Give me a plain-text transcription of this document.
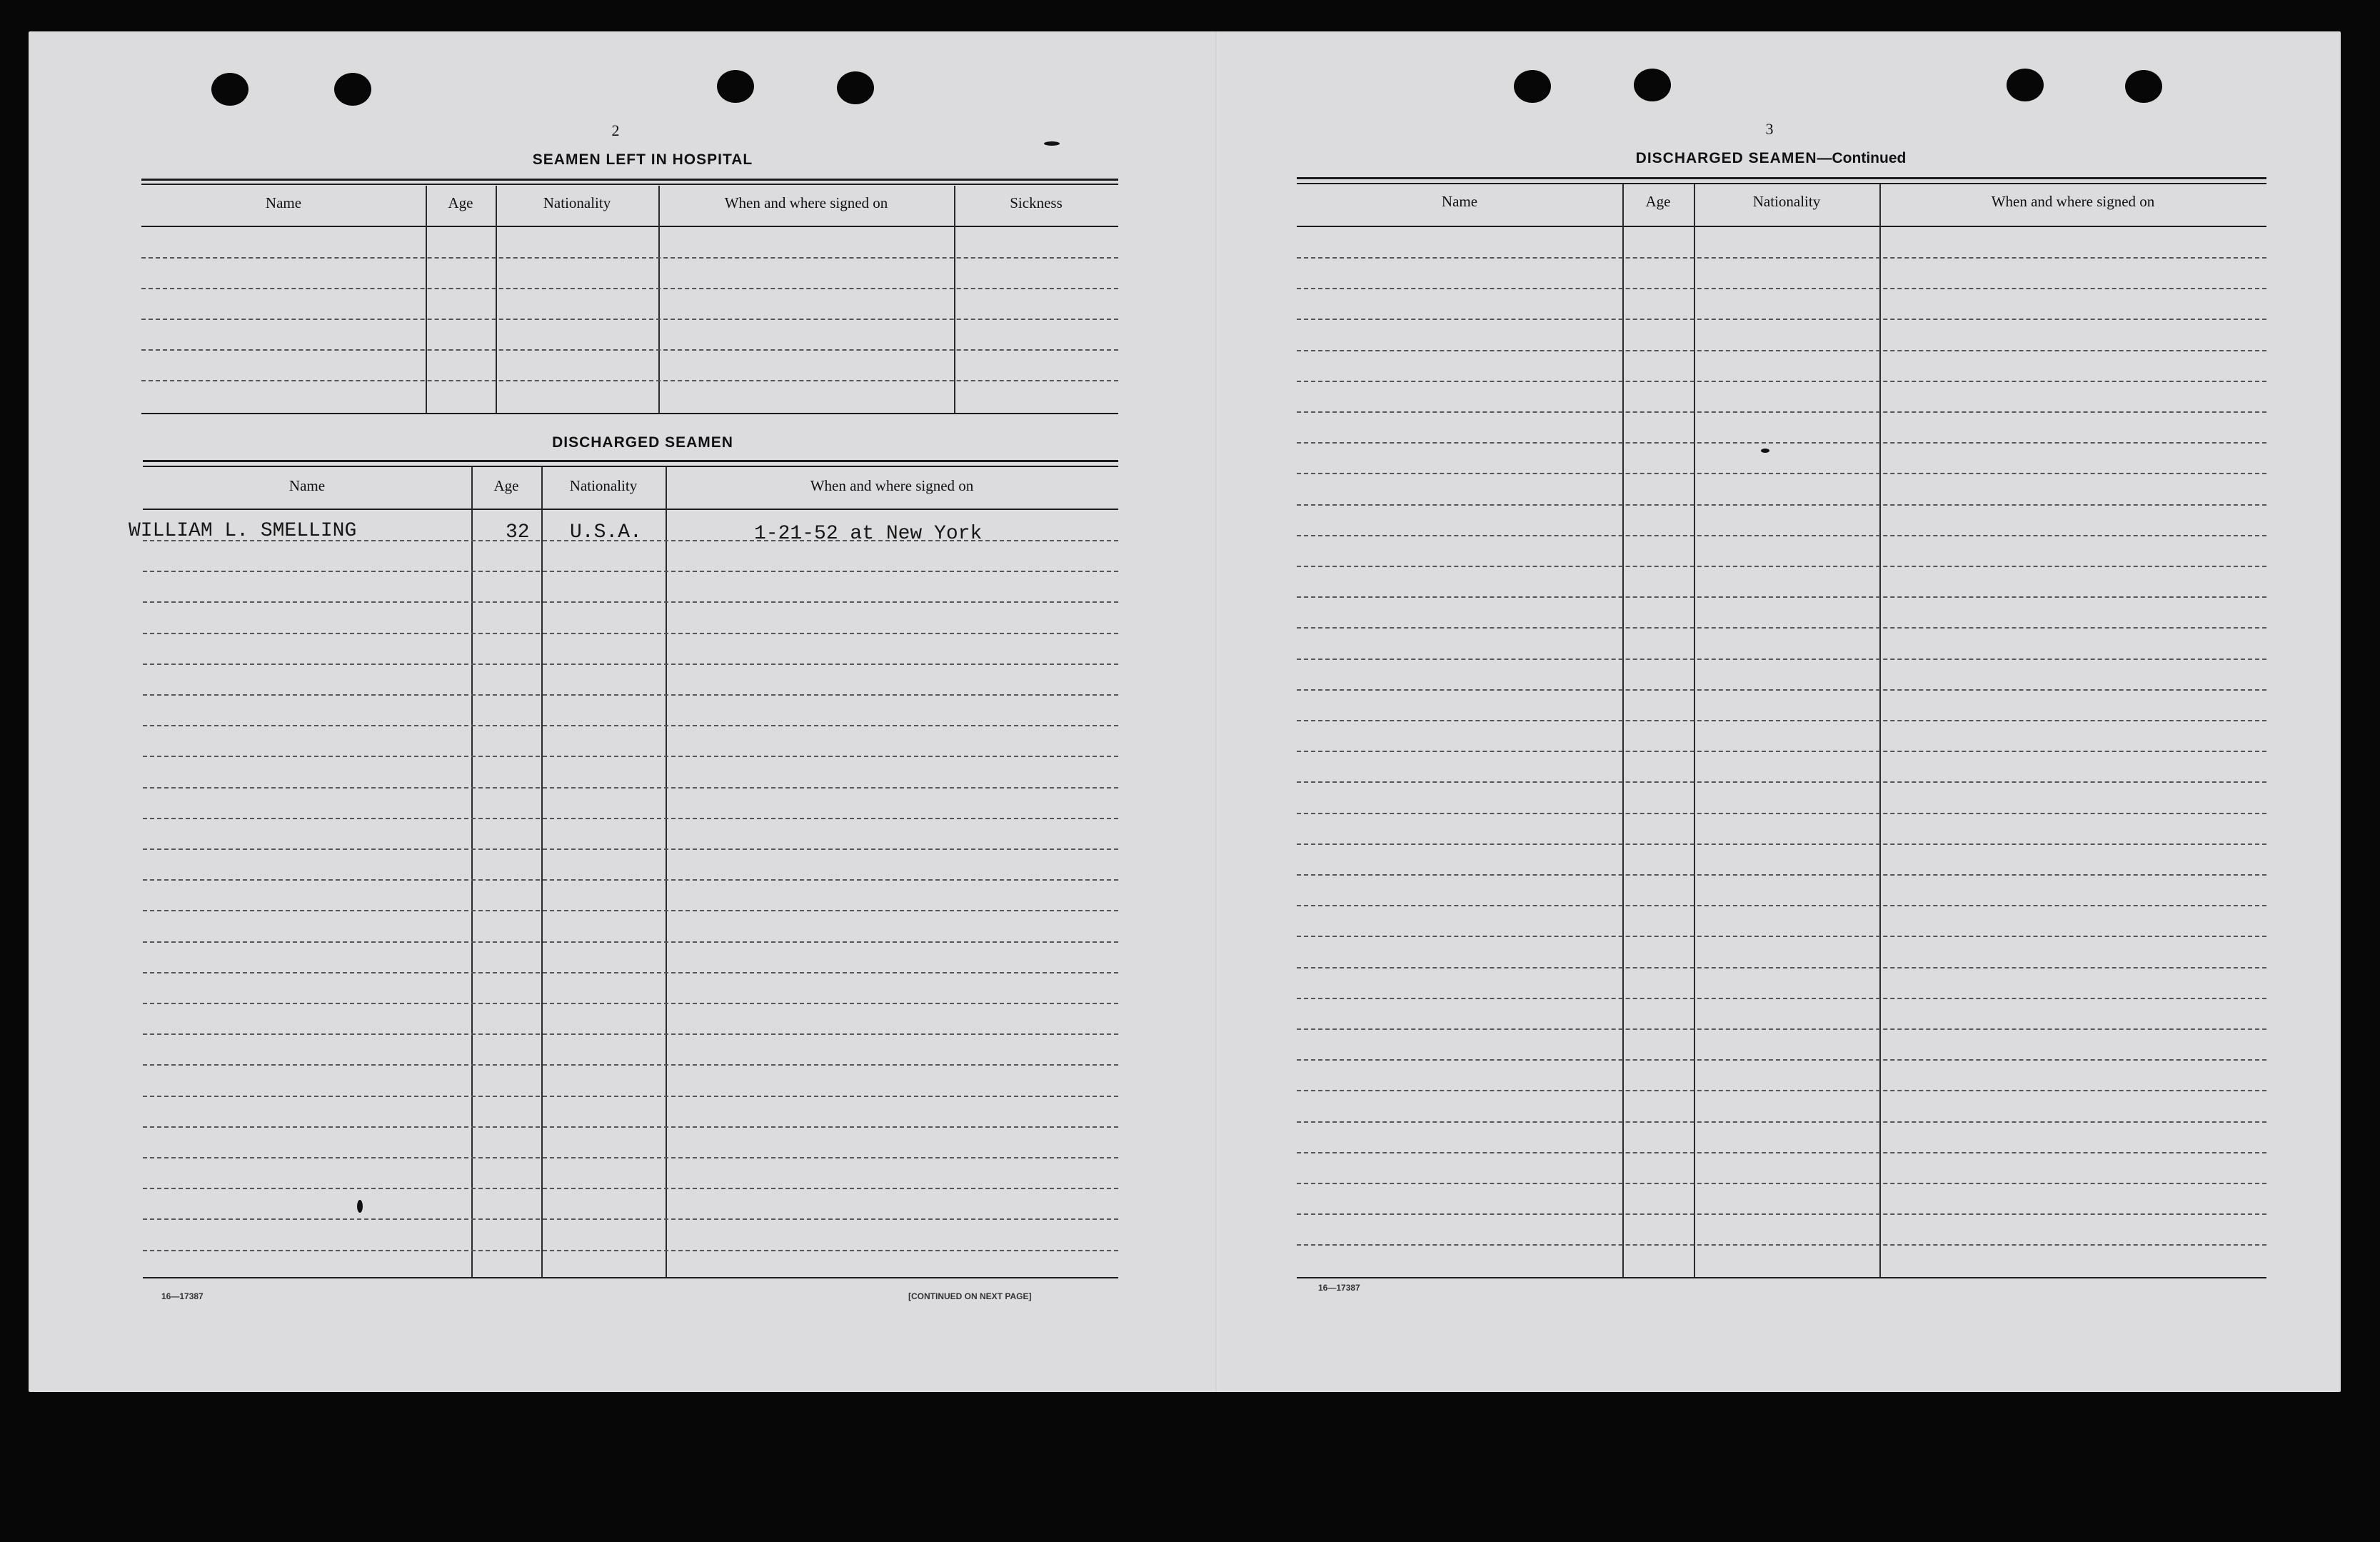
2
SEAMEN LEFT IN HOSPITAL
DISCHARGED SEAMEN
16—17387	[CONTINUED ON NEXT PAGE]
3
DISCHARGED SEAMEN—Continued
16—17387
WILLIAM L. SMELLING	32 U.S.A.	1-21-52 at New York
Name	Age	Nationality	When and where signed on	Sickness
Name	Age	Nationality	When and where signed on
Name	Age	Nationality	When and where signed on
